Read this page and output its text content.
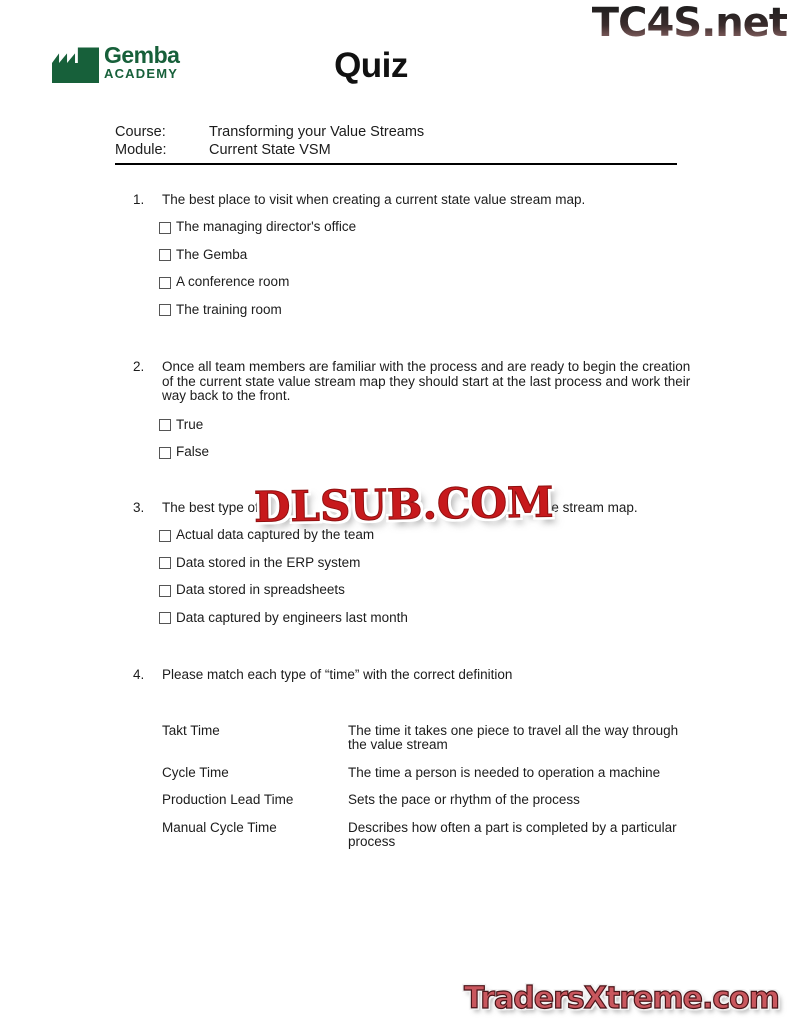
Gemba
ACADEMY	Quiz
TC4S.net
Course:	Transforming your Value Streams
Module:	Current State VSM
1.	The best place to visit when creating a current state value stream map.
The managing director's office
The Gemba
A conference room
The training room
2.	Once all team members are familiar with the process and are ready to begin the creation
of the current state value stream map they should start at the last process and work their
way back to the front.
True
False
3.	The best type of	ue stream map.
Actual data captured by the team
Data stored in the ERP system
Data stored in spreadsheets
Data captured by engineers last month
4.	Please match each type of “time” with the correct definition
Takt Time	The time it takes one piece to travel all the way through
the value stream
Cycle Time	The time a person is needed to operation a machine
Production Lead Time	Sets the pace or rhythm of the process
Manual Cycle Time	Describes how often a part is completed by a particular
process
DLSUB.COM
TradersXtreme.com
